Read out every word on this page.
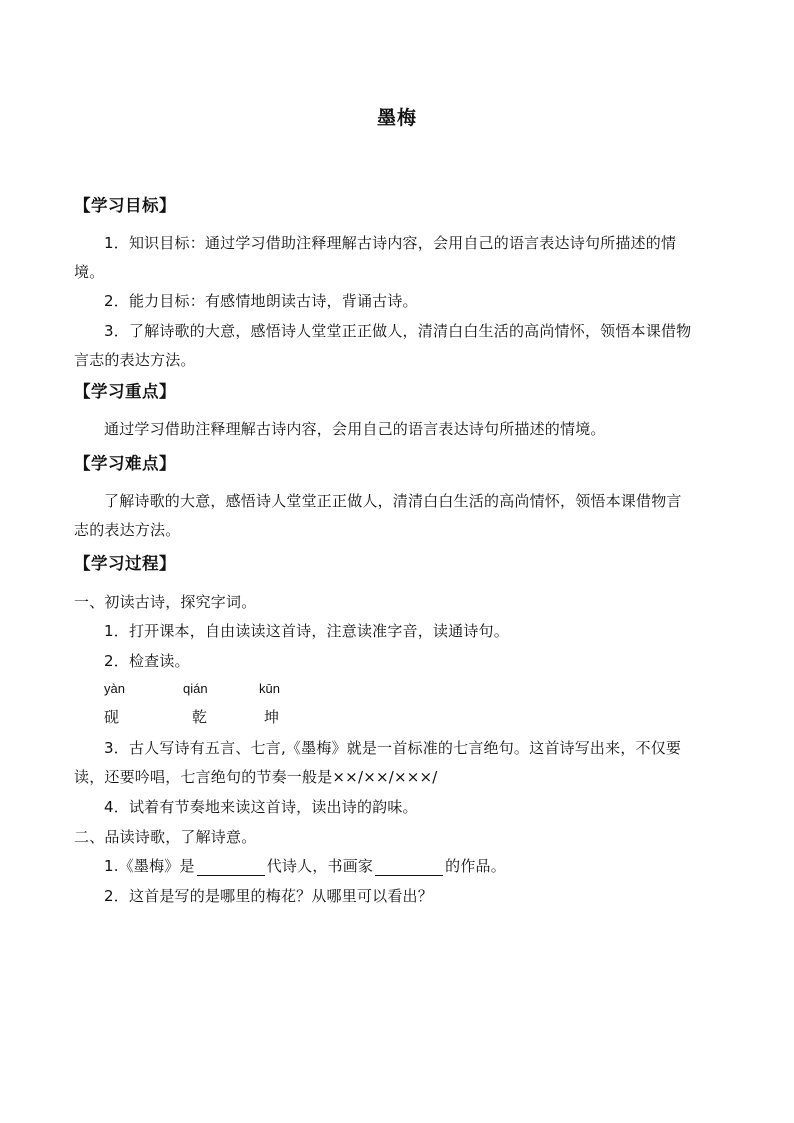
墨梅
【学习目标】
1．知识目标：通过学习借助注释理解古诗内容，会用自己的语言表达诗句所描述的情
境。
2．能力目标：有感情地朗读古诗，背诵古诗。
3．了解诗歌的大意，感悟诗人堂堂正正做人，清清白白生活的高尚情怀，领悟本课借物
言志的表达方法。
【学习重点】
通过学习借助注释理解古诗内容，会用自己的语言表达诗句所描述的情境。
【学习难点】
了解诗歌的大意，感悟诗人堂堂正正做人，清清白白生活的高尚情怀，领悟本课借物言
志的表达方法。
【学习过程】
一、初读古诗，探究字词。
1．打开课本，自由读读这首诗，注意读准字音，读通诗句。
2．检查读。
yàn	qián	kūn
砚	乾	坤
3．古人写诗有五言、七言,《墨梅》就是一首标准的七言绝句。这首诗写出来，不仅要
读，还要吟唱，七言绝句的节奏一般是××/××/×××/
4．试着有节奏地来读这首诗，读出诗的韵味。
二、品读诗歌，了解诗意。
1.《墨梅》是	代诗人，书画家	的作品。
2．这首是写的是哪里的梅花？从哪里可以看出？
